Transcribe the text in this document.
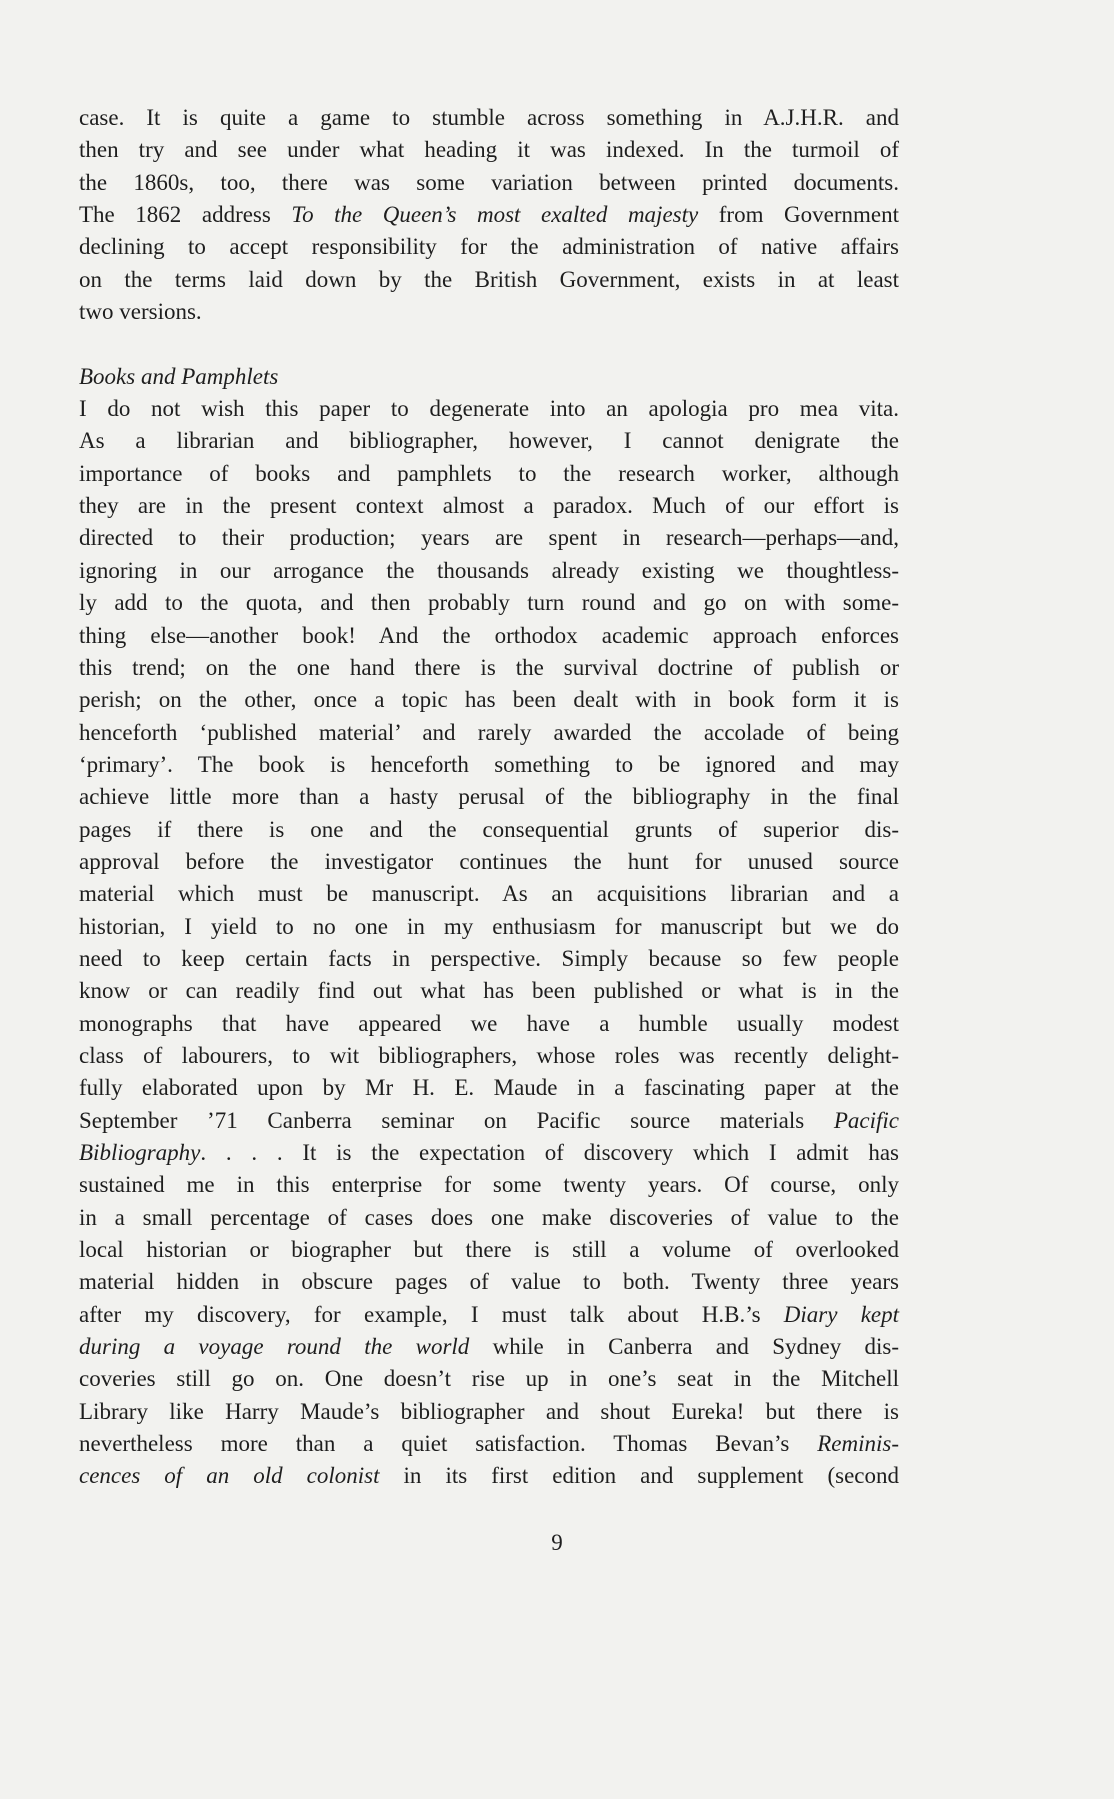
case. It is quite a game to stumble across something in A.J.H.R. and
then try and see under what heading it was indexed. In the turmoil of
the 1860s, too, there was some variation between printed documents.
The 1862 address To the Queen’s most exalted majesty from Government
declining to accept responsibility for the administration of native affairs
on the terms laid down by the British Government, exists in at least
two versions.
Books and Pamphlets
I do not wish this paper to degenerate into an apologia pro mea vita.
As a librarian and bibliographer, however, I cannot denigrate the
importance of books and pamphlets to the research worker, although
they are in the present context almost a paradox. Much of our effort is
directed to their production; years are spent in research—perhaps—and,
ignoring in our arrogance the thousands already existing we thoughtless-
ly add to the quota, and then probably turn round and go on with some-
thing else—another book! And the orthodox academic approach enforces
this trend; on the one hand there is the survival doctrine of publish or
perish; on the other, once a topic has been dealt with in book form it is
henceforth ‘published material’ and rarely awarded the accolade of being
‘primary’. The book is henceforth something to be ignored and may
achieve little more than a hasty perusal of the bibliography in the final
pages if there is one and the consequential grunts of superior dis-
approval before the investigator continues the hunt for unused source
material which must be manuscript. As an acquisitions librarian and a
historian, I yield to no one in my enthusiasm for manuscript but we do
need to keep certain facts in perspective. Simply because so few people
know or can readily find out what has been published or what is in the
monographs that have appeared we have a humble usually modest
class of labourers, to wit bibliographers, whose roles was recently delight-
fully elaborated upon by Mr H. E. Maude in a fascinating paper at the
September ’71 Canberra seminar on Pacific source materials Pacific
Bibliography. . . . It is the expectation of discovery which I admit has
sustained me in this enterprise for some twenty years. Of course, only
in a small percentage of cases does one make discoveries of value to the
local historian or biographer but there is still a volume of overlooked
material hidden in obscure pages of value to both. Twenty three years
after my discovery, for example, I must talk about H.B.’s Diary kept
during a voyage round the world while in Canberra and Sydney dis-
coveries still go on. One doesn’t rise up in one’s seat in the Mitchell
Library like Harry Maude’s bibliographer and shout Eureka! but there is
nevertheless more than a quiet satisfaction. Thomas Bevan’s Reminis-
cences of an old colonist in its first edition and supplement (second
9
